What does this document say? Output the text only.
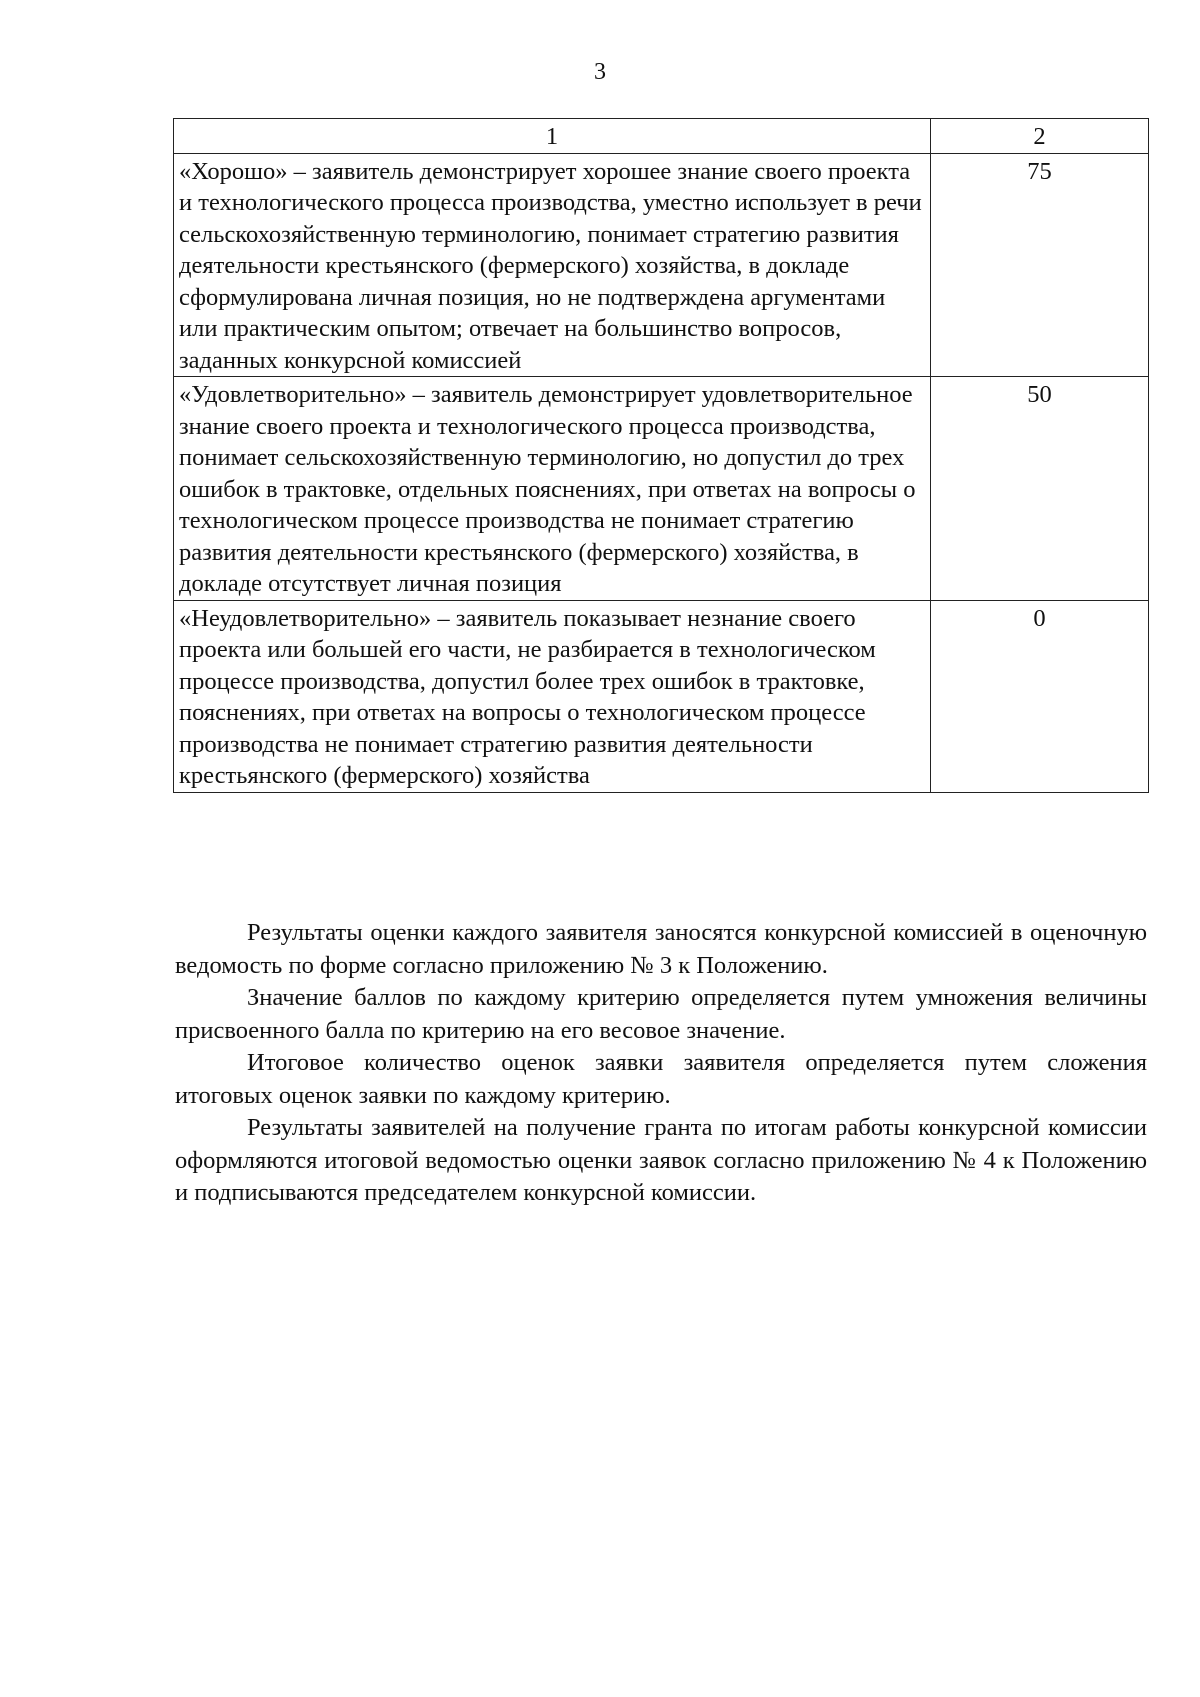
3
1	2
«Хорошо» – заявитель демонстрирует хорошее знание своего проекта и технологического процесса производства, уместно использует в речи сельскохозяйственную терминологию, понимает стратегию развития деятельности крестьянского (фермерского) хозяйства, в докладе сформулирована личная позиция, но не подтверждена аргументами или практическим опытом; отвечает на большинство вопросов, заданных конкурсной комиссией	75
«Удовлетворительно» – заявитель демонстрирует удовлетворительное знание своего проекта и технологического процесса производства, понимает сельскохозяйственную терминологию, но допустил до трех ошибок в трактовке, отдельных пояснениях, при ответах на вопросы о технологическом процессе производства не понимает стратегию развития деятельности крестьянского (фермерского) хозяйства, в докладе отсутствует личная позиция	50
«Неудовлетворительно» – заявитель показывает незнание своего проекта или большей его части, не разбирается в технологическом процессе производства, допустил более трех ошибок в трактовке, пояснениях, при ответах на вопросы о технологическом процессе производства не понимает стратегию развития деятельности крестьянского (фермерского) хозяйства	0

Результаты оценки каждого заявителя заносятся конкурсной комиссией в оценочную ведомость по форме согласно приложению № 3 к Положению.

Значение баллов по каждому критерию определяется путем умножения величины присвоенного балла по критерию на его весовое значение.

Итоговое количество оценок заявки заявителя определяется путем сложения итоговых оценок заявки по каждому критерию.

Результаты заявителей на получение гранта по итогам работы конкурсной комиссии оформляются итоговой ведомостью оценки заявок согласно приложению № 4 к Положению и подписываются председателем конкурсной комиссии.
